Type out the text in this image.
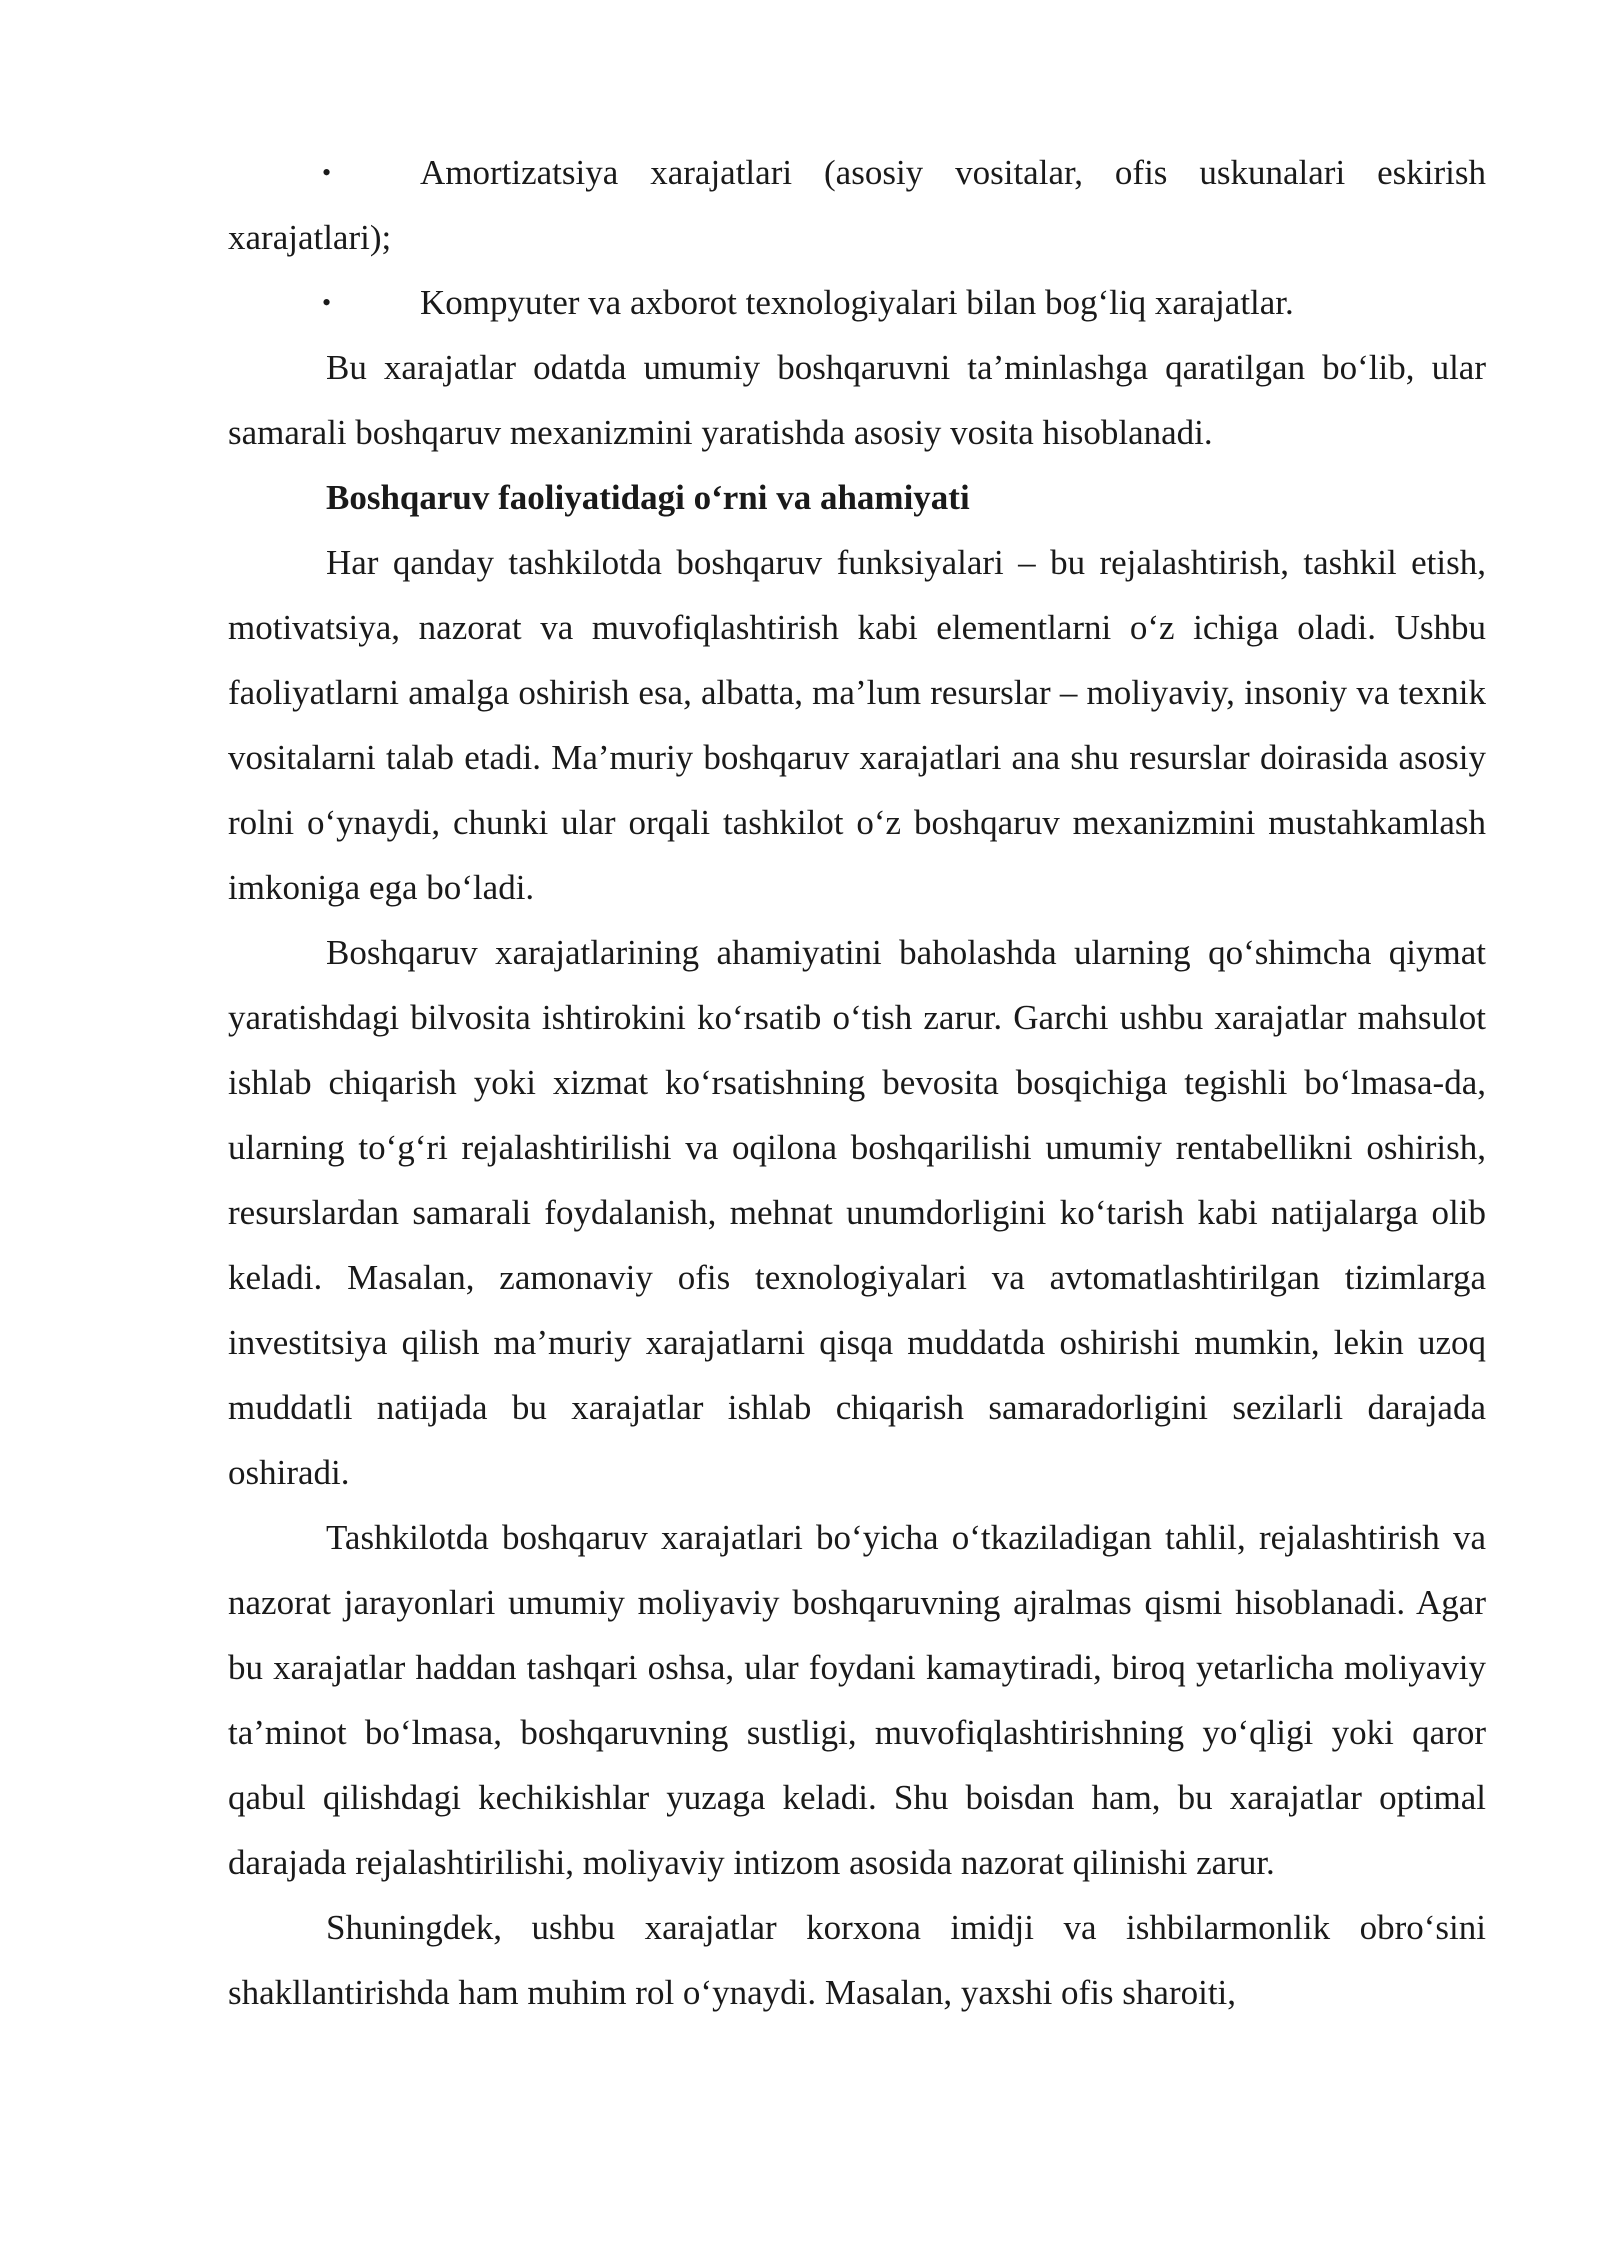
•	Amortizatsiya xarajatlari (asosiy vositalar, ofis uskunalari eskirish xarajatlari);

•	Kompyuter va axborot texnologiyalari bilan bog‘liq xarajatlar.

Bu xarajatlar odatda umumiy boshqaruvni ta’minlashga qaratilgan bo‘lib, ular samarali boshqaruv mexanizmini yaratishda asosiy vosita hisoblanadi.

Boshqaruv faoliyatidagi o‘rni va ahamiyati

Har qanday tashkilotda boshqaruv funksiyalari – bu rejalashtirish, tashkil etish, motivatsiya, nazorat va muvofiqlashtirish kabi elementlarni o‘z ichiga oladi. Ushbu faoliyatlarni amalga oshirish esa, albatta, ma’lum resurslar – moliyaviy, insoniy va texnik vositalarni talab etadi. Ma’muriy boshqaruv xarajatlari ana shu resurslar doirasida asosiy rolni o‘ynaydi, chunki ular orqali tashkilot o‘z boshqaruv mexanizmini mustahkamlash imkoniga ega bo‘ladi.

Boshqaruv xarajatlarining ahamiyatini baholashda ularning qo‘shimcha qiymat yaratishdagi bilvosita ishtirokini ko‘rsatib o‘tish zarur. Garchi ushbu xarajatlar mahsulot ishlab chiqarish yoki xizmat ko‘rsatishning bevosita bosqichiga tegishli bo‘lmasa-da, ularning to‘g‘ri rejalashtirilishi va oqilona boshqarilishi umumiy rentabellikni oshirish, resurslardan samarali foydalanish, mehnat unumdorligini ko‘tarish kabi natijalarga olib keladi. Masalan, zamonaviy ofis texnologiyalari va avtomatlashtirilgan tizimlarga investitsiya qilish ma’muriy xarajatlarni qisqa muddatda oshirishi mumkin, lekin uzoq muddatli natijada bu xarajatlar ishlab chiqarish samaradorligini sezilarli darajada oshiradi.

Tashkilotda boshqaruv xarajatlari bo‘yicha o‘tkaziladigan tahlil, rejalashtirish va nazorat jarayonlari umumiy moliyaviy boshqaruvning ajralmas qismi hisoblanadi. Agar bu xarajatlar haddan tashqari oshsa, ular foydani kamaytiradi, biroq yetarlicha moliyaviy ta’minot bo‘lmasa, boshqaruvning sustligi, muvofiqlashtirishning yo‘qligi yoki qaror qabul qilishdagi kechikishlar yuzaga keladi. Shu boisdan ham, bu xarajatlar optimal darajada rejalashtirilishi, moliyaviy intizom asosida nazorat qilinishi zarur.

Shuningdek, ushbu xarajatlar korxona imidji va ishbilarmonlik obro‘sini shakllantirishda ham muhim rol o‘ynaydi. Masalan, yaxshi ofis sharoiti,
